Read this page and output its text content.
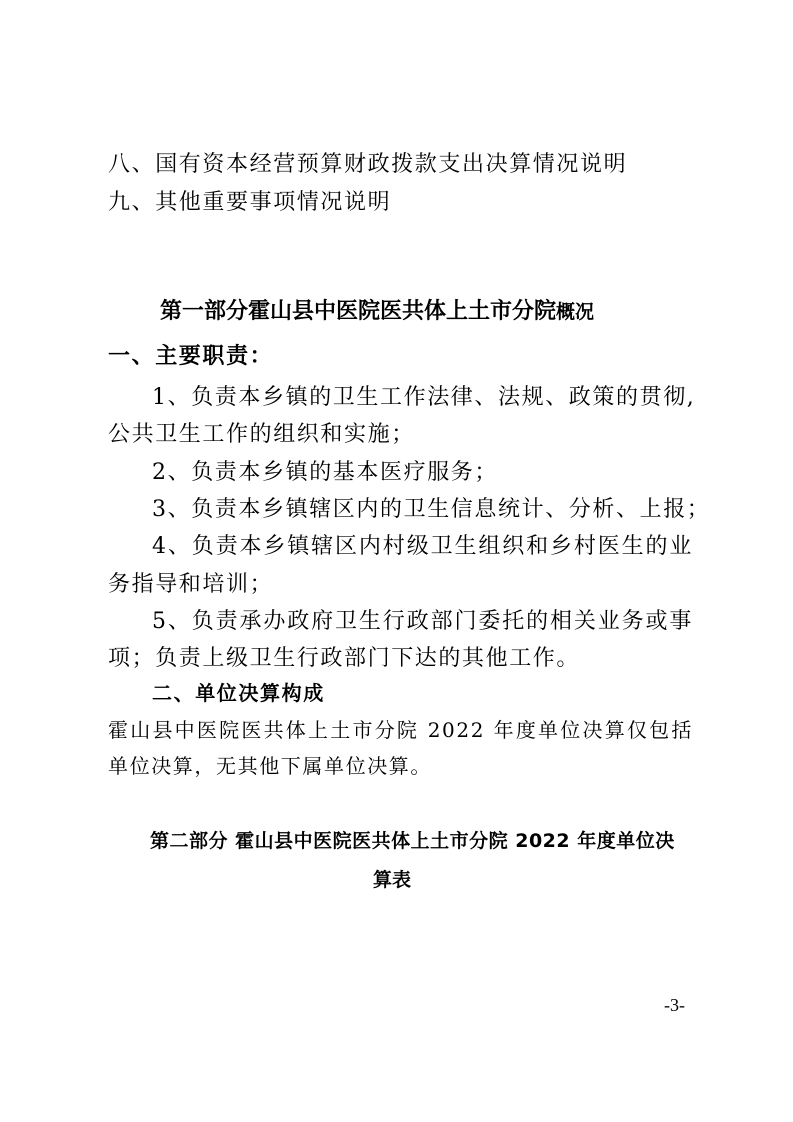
八、国有资本经营预算财政拨款支出决算情况说明
九、其他重要事项情况说明
第一部分霍山县中医院医共体上土市分院概况
一、主要职责：
1、负责本乡镇的卫生工作法律、法规、政策的贯彻,
公共卫生工作的组织和实施；
2、负责本乡镇的基本医疗服务；
3、负责本乡镇辖区内的卫生信息统计、分析、上报；
4、负责本乡镇辖区内村级卫生组织和乡村医生的业
务指导和培训；
5、负责承办政府卫生行政部门委托的相关业务或事
项；负责上级卫生行政部门下达的其他工作。
二、单位决算构成
霍山县中医院医共体上土市分院 2022 年度单位决算仅包括
单位决算，无其他下属单位决算。
第二部分 霍山县中医院医共体上土市分院 2022 年度单位决
算表
-3-
